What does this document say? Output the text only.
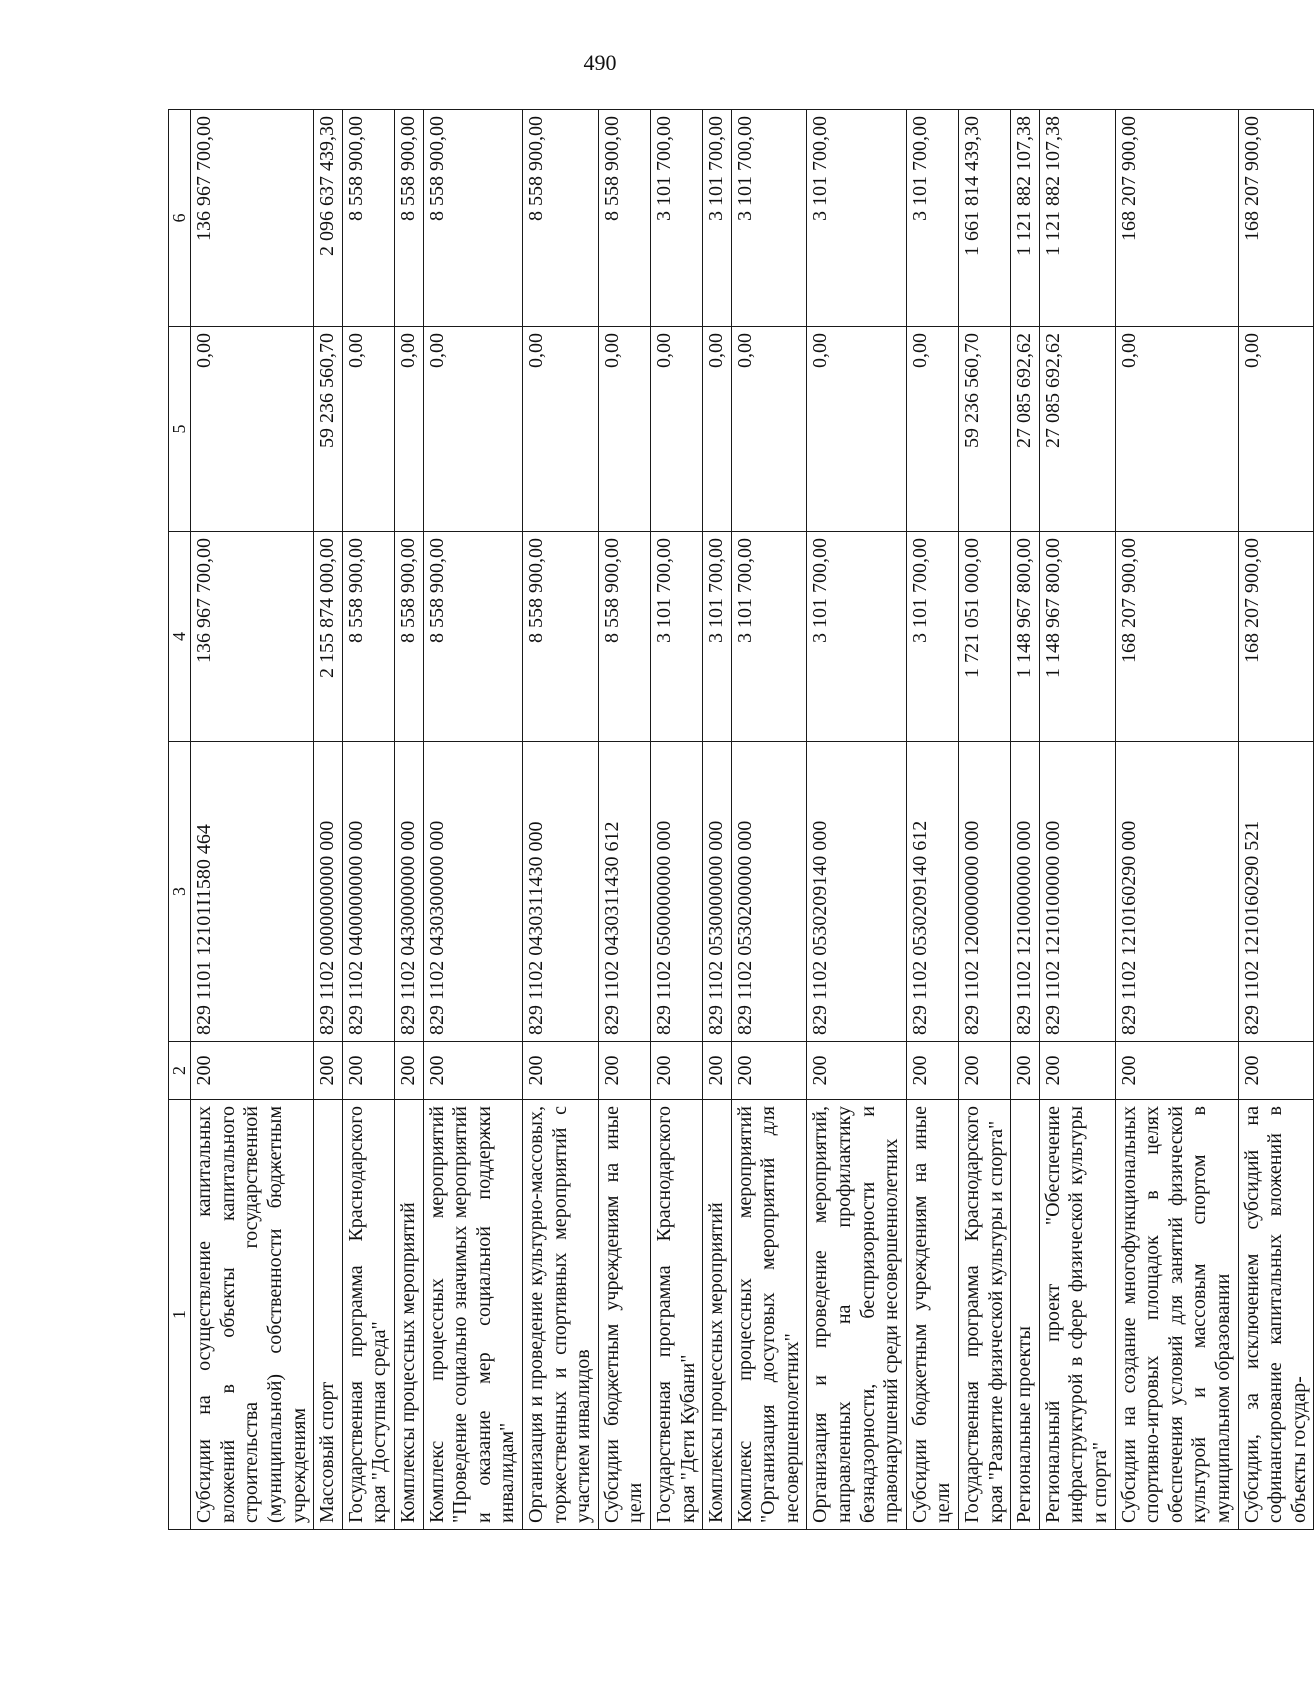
490
1	2	3	4	5	6
Субсидии на осуществление капитальных вложений в объекты капитального строительства государственной (муниципальной) собственности бюджетным учреждениям	200	829 1101 12101I1580 464	136 967 700,00	0,00	136 967 700,00
Массовый спорт	200	829 1102 0000000000 000	2 155 874 000,00	59 236 560,70	2 096 637 439,30
Государственная программа Краснодарского края "Доступная среда"	200	829 1102 0400000000 000	8 558 900,00	0,00	8 558 900,00
Комплексы процессных мероприятий	200	829 1102 0430000000 000	8 558 900,00	0,00	8 558 900,00
Комплекс процессных мероприятий "Проведение социально значимых мероприятий и оказание мер социальной поддержки инвалидам"	200	829 1102 0430300000 000	8 558 900,00	0,00	8 558 900,00
Организация и проведение культурно-массовых, торжественных и спортивных мероприятий с участием инвалидов	200	829 1102 0430311430 000	8 558 900,00	0,00	8 558 900,00
Субсидии бюджетным учреждениям на иные цели	200	829 1102 0430311430 612	8 558 900,00	0,00	8 558 900,00
Государственная программа Краснодарского края "Дети Кубани"	200	829 1102 0500000000 000	3 101 700,00	0,00	3 101 700,00
Комплексы процессных мероприятий	200	829 1102 0530000000 000	3 101 700,00	0,00	3 101 700,00
Комплекс процессных мероприятий "Организация досуговых мероприятий для несовершеннолетних"	200	829 1102 0530200000 000	3 101 700,00	0,00	3 101 700,00
Организация и проведение мероприятий, направленных на профилактику безнадзорности, беспризорности и правонарушений среди несовершеннолетних	200	829 1102 0530209140 000	3 101 700,00	0,00	3 101 700,00
Субсидии бюджетным учреждениям на иные цели	200	829 1102 0530209140 612	3 101 700,00	0,00	3 101 700,00
Государственная программа Краснодарского края "Развитие физической культуры и спорта"	200	829 1102 1200000000 000	1 721 051 000,00	59 236 560,70	1 661 814 439,30
Региональные проекты	200	829 1102 1210000000 000	1 148 967 800,00	27 085 692,62	1 121 882 107,38
Региональный проект "Обеспечение инфраструктурой в сфере физической культуры и спорта"	200	829 1102 1210100000 000	1 148 967 800,00	27 085 692,62	1 121 882 107,38
Субсидии на создание многофункциональных спортивно-игровых площадок в целях обеспечения условий для занятий физической культурой и массовым спортом в муниципальном образовании	200	829 1102 1210160290 000	168 207 900,00	0,00	168 207 900,00
Субсидии, за исключением субсидий на софинансирование капитальных вложений в объекты государ-	200	829 1102 1210160290 521	168 207 900,00	0,00	168 207 900,00
